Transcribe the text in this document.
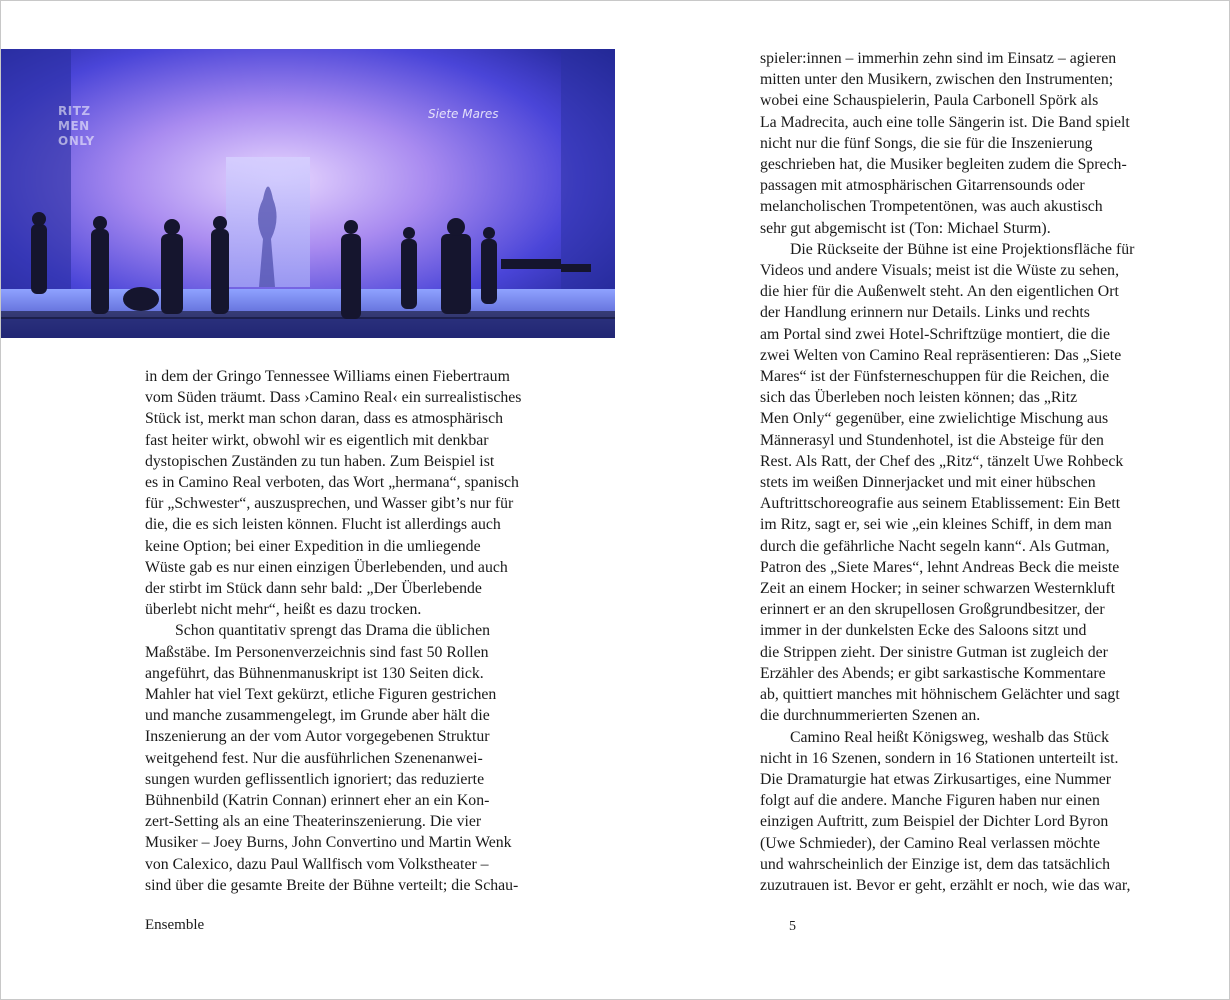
RITZ MEN ONLY
Siete Mares

in dem der Gringo Tennessee Williams einen Fiebertraum
vom Süden träumt. Dass ›Camino Real‹ ein surrealistisches
Stück ist, merkt man schon daran, dass es atmosphärisch
fast heiter wirkt, obwohl wir es eigentlich mit denkbar
dystopischen Zuständen zu tun haben. Zum Beispiel ist
es in Camino Real verboten, das Wort „hermana“, spanisch
für „Schwester“, auszusprechen, und Wasser gibt’s nur für
die, die es sich leisten können. Flucht ist allerdings auch
keine Option; bei einer Expedition in die umliegende
Wüste gab es nur einen einzigen Überlebenden, und auch
der stirbt im Stück dann sehr bald: „Der Überlebende
überlebt nicht mehr“, heißt es dazu trocken.

Schon quantitativ sprengt das Drama die üblichen
Maßstäbe. Im Personenverzeichnis sind fast 50 Rollen
angeführt, das Bühnenmanuskript ist 130 Seiten dick.
Mahler hat viel Text gekürzt, etliche Figuren gestrichen
und manche zusammengelegt, im Grunde aber hält die
Inszenierung an der vom Autor vorgegebenen Struktur
weitgehend fest. Nur die ausführlichen Szenenanwei-
sungen wurden geflissentlich ignoriert; das reduzierte
Bühnenbild (Katrin Connan) erinnert eher an ein Kon-
zert-Setting als an eine Theaterinszenierung. Die vier
Musiker – Joey Burns, John Convertino und Martin Wenk
von Calexico, dazu Paul Wallfisch vom Volkstheater –
sind über die gesamte Breite der Bühne verteilt; die Schau-

spieler:innen – immerhin zehn sind im Einsatz – agieren
mitten unter den Musikern, zwischen den Instrumenten;
wobei eine Schauspielerin, Paula Carbonell Spörk als
La Madrecita, auch eine tolle Sängerin ist. Die Band spielt
nicht nur die fünf Songs, die sie für die Inszenierung
geschrieben hat, die Musiker begleiten zudem die Sprech-
passagen mit atmosphärischen Gitarrensounds oder
melancholischen Trompetentönen, was auch akustisch
sehr gut abgemischt ist (Ton: Michael Sturm).

Die Rückseite der Bühne ist eine Projektionsfläche für
Videos und andere Visuals; meist ist die Wüste zu sehen,
die hier für die Außenwelt steht. An den eigentlichen Ort
der Handlung erinnern nur Details. Links und rechts
am Portal sind zwei Hotel-Schriftzüge montiert, die die
zwei Welten von Camino Real repräsentieren: Das „Siete
Mares“ ist der Fünfsterneschuppen für die Reichen, die
sich das Überleben noch leisten können; das „Ritz
Men Only“ gegenüber, eine zwielichtige Mischung aus
Männerasyl und Stundenhotel, ist die Absteige für den
Rest. Als Ratt, der Chef des „Ritz“, tänzelt Uwe Rohbeck
stets im weißen Dinnerjacket und mit einer hübschen
Auftrittschoreografie aus seinem Etablissement: Ein Bett
im Ritz, sagt er, sei wie „ein kleines Schiff, in dem man
durch die gefährliche Nacht segeln kann“. Als Gutman,
Patron des „Siete Mares“, lehnt Andreas Beck die meiste
Zeit an einem Hocker; in seiner schwarzen Westernkluft
erinnert er an den skrupellosen Großgrundbesitzer, der
immer in der dunkelsten Ecke des Saloons sitzt und
die Strippen zieht. Der sinistre Gutman ist zugleich der
Erzähler des Abends; er gibt sarkastische Kommentare
ab, quittiert manches mit höhnischem Gelächter und sagt
die durchnummerierten Szenen an.

Camino Real heißt Königsweg, weshalb das Stück
nicht in 16 Szenen, sondern in 16 Stationen unterteilt ist.
Die Dramaturgie hat etwas Zirkusartiges, eine Nummer
folgt auf die andere. Manche Figuren haben nur einen
einzigen Auftritt, zum Beispiel der Dichter Lord Byron
(Uwe Schmieder), der Camino Real verlassen möchte
und wahrscheinlich der Einzige ist, dem das tatsächlich
zuzutrauen ist. Bevor er geht, erzählt er noch, wie das war,

Ensemble	5
